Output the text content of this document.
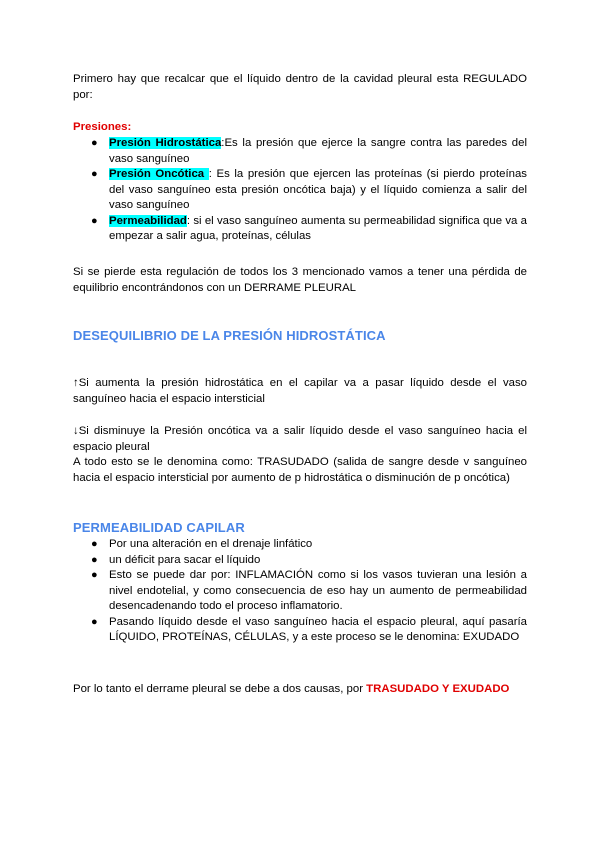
Primero hay que recalcar que el líquido dentro de la cavidad pleural esta REGULADO por:
Presiones:
● Presión Hidrostática:Es la presión que ejerce la sangre contra las paredes del vaso sanguíneo
● Presión Oncótica : Es la presión que ejercen las proteínas (si pierdo proteínas del vaso sanguíneo esta presión oncótica baja) y el líquido comienza a salir del vaso sanguíneo
● Permeabilidad: si el vaso sanguíneo aumenta su permeabilidad significa que va a empezar a salir agua, proteínas, células
Si se pierde esta regulación de todos los 3 mencionado vamos a tener una pérdida de equilibrio encontrándonos con un DERRAME PLEURAL
DESEQUILIBRIO DE LA PRESIÓN HIDROSTÁTICA
↑Si aumenta la presión hidrostática en el capilar va a pasar líquido desde el vaso sanguíneo hacia el espacio intersticial
↓Si disminuye la Presión oncótica va a salir líquido desde el vaso sanguíneo hacia el espacio pleural
A todo esto se le denomina como: TRASUDADO (salida de sangre desde v sanguíneo hacia el espacio intersticial por aumento de p hidrostática o disminución de p oncótica)
PERMEABILIDAD CAPILAR
● Por una alteración en el drenaje linfático
● un déficit para sacar el líquido
● Esto se puede dar por: INFLAMACIÓN como si los vasos tuvieran una lesión a nivel endotelial, y como consecuencia de eso hay un aumento de permeabilidad desencadenando todo el proceso inflamatorio.
● Pasando líquido desde el vaso sanguíneo hacia el espacio pleural, aquí pasaría LÍQUIDO, PROTEÍNAS, CÉLULAS, y a este proceso se le denomina: EXUDADO
Por lo tanto el derrame pleural se debe a dos causas, por TRASUDADO Y EXUDADO
